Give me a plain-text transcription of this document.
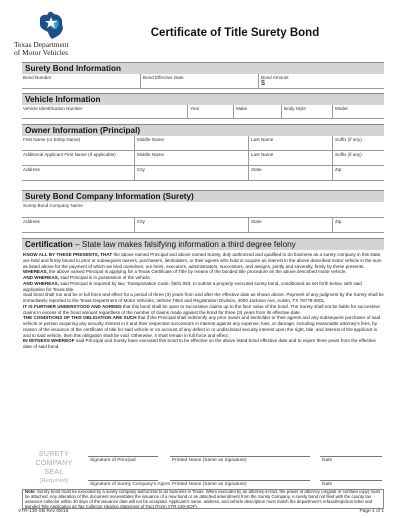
Texas Department
of Motor Vehicles
Certificate of Title Surety Bond
Surety Bond Information
Bond Number	Bond Effective Date	Bond Amount
$
Vehicle Information
Vehicle Identification Number	Year	Make	Body Style	Model
Owner Information (Principal)
First Name (or Entity Name)	Middle Name	Last Name	Suffix (if any)
Additional Applicant First Name (If applicable)	Middle Name	Last Name	Suffix (if any)
Address	City	State	Zip
Surety Bond Company Information (Surety)
Surety Bond Company Name
Address	City	State	Zip
Certification – State law makes falsifying information a third degree felony

KNOW ALL BY THESE PRESENTS, THAT the above named Principal and above named Surety, duly authorized and qualified to do business as a surety company in this state, are held and firmly bound to prior or subsequent owners, purchasers, lienholders, or their agents who hold or acquire an interest in the above described motor vehicle in the sum as listed above for the payment of which we bind ourselves, our heirs, executors, administrators, successors, and assigns, jointly and severally, firmly by these presents.

WHEREAS, the above named Principal is applying for a Texas Certificate of Title by means of the bonded title procedure on the above described motor vehicle.

AND WHEREAS, said Principal is in possession of the vehicle.

AND WHEREAS, said Principal is required by law, Transportation Code, §501.053, to submit a properly executed surety bond, conditioned as set forth below, with said application for Texas title.

Said bond shall run and be in full force and effect for a period of three (3) years from and after the effective date as shown above. Payment of any judgment by the Surety shall be immediately reported to the Texas Department of Motor Vehicles, Vehicle Titles and Registration Division, 4000 Jackson Ave, Austin, TX 78779-0001.

IT IS FURTHER UNDERSTOOD AND AGREED that this bond shall be open to successive claims up to the face value of the bond. The Surety shall not be liable for successive claims in excess of the bond amount regardless of the number of claims made against the bond for three (3) years from its effective date.

THE CONDITIONS OF THIS OBLIGATION ARE SUCH that if the Principal shall indemnify any prior owner and lienholder or their agents and any subsequent purchaser of said vehicle or person acquiring any security interest in it and their respective successors in interest against any expense, loss, or damage, including reasonable attorney's fees, by reason of the issuance of the certificate of title for said vehicle or on account of any defect in or undisclosed security interest upon the right, title, and interest of the applicant in and to said vehicle, then this obligation shall be void. Otherwise, it shall remain in full force and effect.

IN WITNESS WHEREOF said Principal and Surety have executed this bond to be effective on the above listed bond effective date and to expire three years from the effective date of said bond.

SURETY
COMPANY SEAL
(Required)
Signature of Principal	Printed Name (Same as Signature)	Date
Signature of Surety Company's Agent Printed Name (Same as Signature)	Date
Note: Surety bond must be executed by a surety company authorized to do business in Texas. When executed by an attorney-in-fact, the power of attorney (original or certified copy) must be attached. Any alteration of this document necessitates the issuance of a new bond or an attached amendment from the Surety Company. A surety bond not filed with the county tax assessor-collector within 30 days of the issuance date will not be accepted. Applicant's name, address, and vehicle description must match the department's refusal/rejection letter and Bonded Title Application as Tax Collector Hearing Statement of Fact (Form VTR-130-SOF).
VTR-130-SB Rev 08/16	Page 1 of 1
